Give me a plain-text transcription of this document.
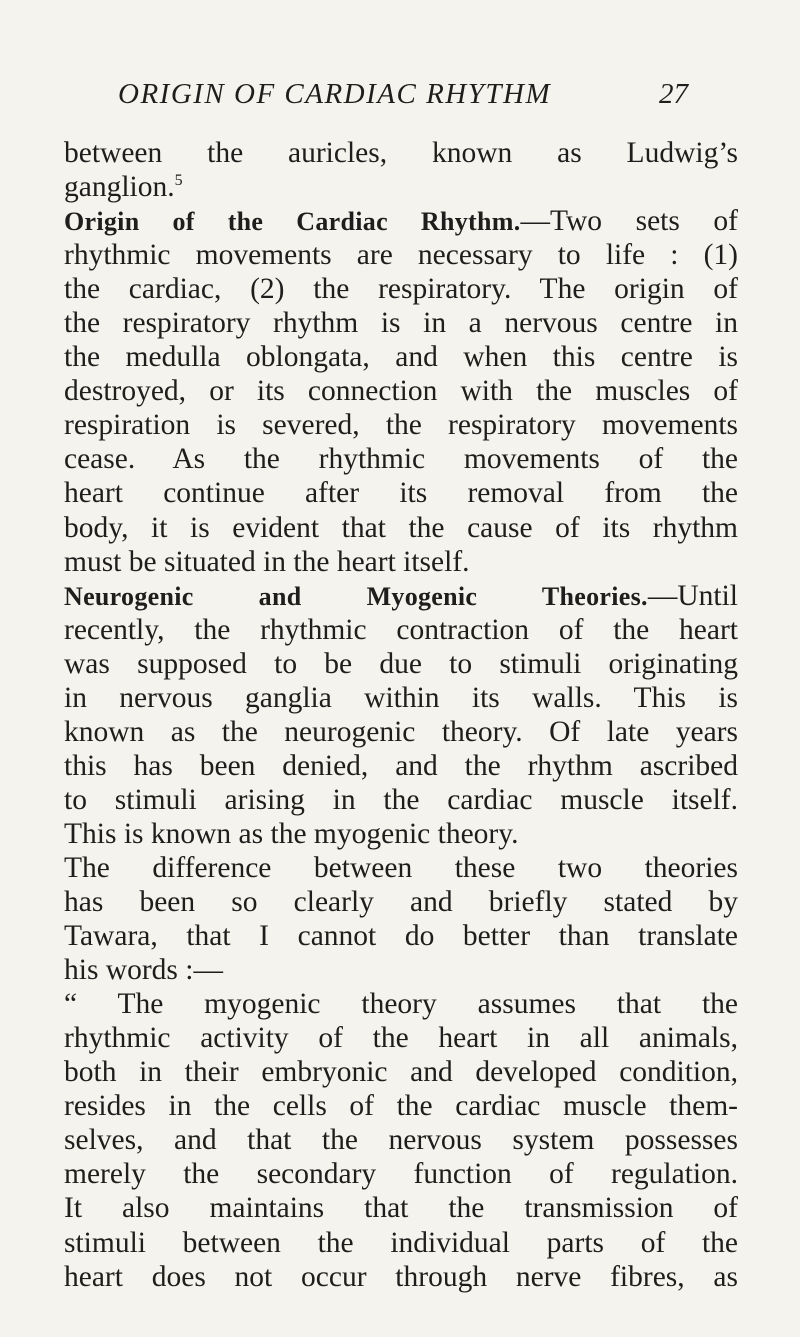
ORIGIN OF CARDIAC RHYTHM	27
between the auricles, known as Ludwig’s
ganglion.$^5$
Origin of the Cardiac Rhythm.—Two sets of
rhythmic movements are necessary to life : (1)
the cardiac, (2) the respiratory. The origin of
the respiratory rhythm is in a nervous centre in
the medulla oblongata, and when this centre is
destroyed, or its connection with the muscles of
respiration is severed, the respiratory movements
cease. As the rhythmic movements of the
heart continue after its removal from the
body, it is evident that the cause of its rhythm
must be situated in the heart itself.
Neurogenic and Myogenic Theories.—Until
recently, the rhythmic contraction of the heart
was supposed to be due to stimuli originating
in nervous ganglia within its walls. This is
known as the neurogenic theory. Of late years
this has been denied, and the rhythm ascribed
to stimuli arising in the cardiac muscle itself.
This is known as the myogenic theory.
The difference between these two theories
has been so clearly and briefly stated by
Tawara, that I cannot do better than translate
his words :—
“ The myogenic theory assumes that the
rhythmic activity of the heart in all animals,
both in their embryonic and developed condition,
resides in the cells of the cardiac muscle them-
selves, and that the nervous system possesses
merely the secondary function of regulation.
It also maintains that the transmission of
stimuli between the individual parts of the
heart does not occur through nerve fibres, as
